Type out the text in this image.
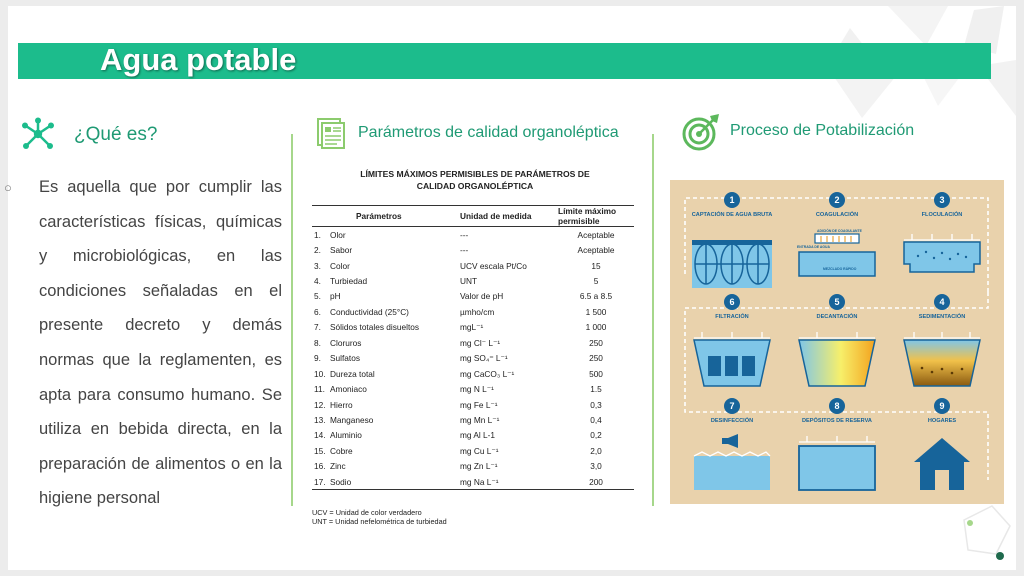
Agua potable
¿Qué es?
○ Es aquella que por cumplir las características físicas, químicas y microbiológicas, en las condiciones señaladas en el presente decreto y demás normas que la reglamenten, es apta para consumo humano. Se utiliza en bebida directa, en la preparación de alimentos o en la higiene personal
Parámetros de calidad organoléptica
LÍMITES MÁXIMOS PERMISIBLES DE PARÁMETROS DE
CALIDAD ORGANOLÉPTICA
	Parámetros	Unidad de medida	Límite máximo permisible
1.	Olor	---	Aceptable
2.	Sabor	---	Aceptable
3.	Color	UCV escala Pt/Co	15
4.	Turbiedad	UNT	5
5.	pH	Valor de pH	6.5 a 8.5
6.	Conductividad (25°C)	µmho/cm	1 500
7.	Sólidos totales disueltos	mgL⁻¹	1 000
8.	Cloruros	mg Cl⁻ L⁻¹	250
9.	Sulfatos	mg SO₄⁼ L⁻¹	250
10.	Dureza total	mg CaCO₃ L⁻¹	500
11.	Amoniaco	mg N L⁻¹	1.5
12.	Hierro	mg Fe L⁻¹	0,3
13.	Manganeso	mg Mn L⁻¹	0,4
14.	Aluminio	mg Al L-1	0,2
15.	Cobre	mg Cu L⁻¹	2,0
16.	Zinc	mg Zn L⁻¹	3,0
17.	Sodio	mg Na L⁻¹	200
UCV = Unidad de color verdadero
UNT = Unidad nefelométrica de turbiedad
Proceso de Potabilización
1
CAPTACIÓN DE AGUA BRUTA
2
COAGULACIÓN
ADICIÓN DE COAGULANTE
ENTRADA DE AGUA
MEZCLADO RÁPIDO
3
FLOCULACIÓN
6
FILTRACIÓN
5
DECANTACIÓN
4
SEDIMENTACIÓN
7
DESINFECCIÓN
8
DEPÓSITOS DE RESERVA
9
HOGARES
